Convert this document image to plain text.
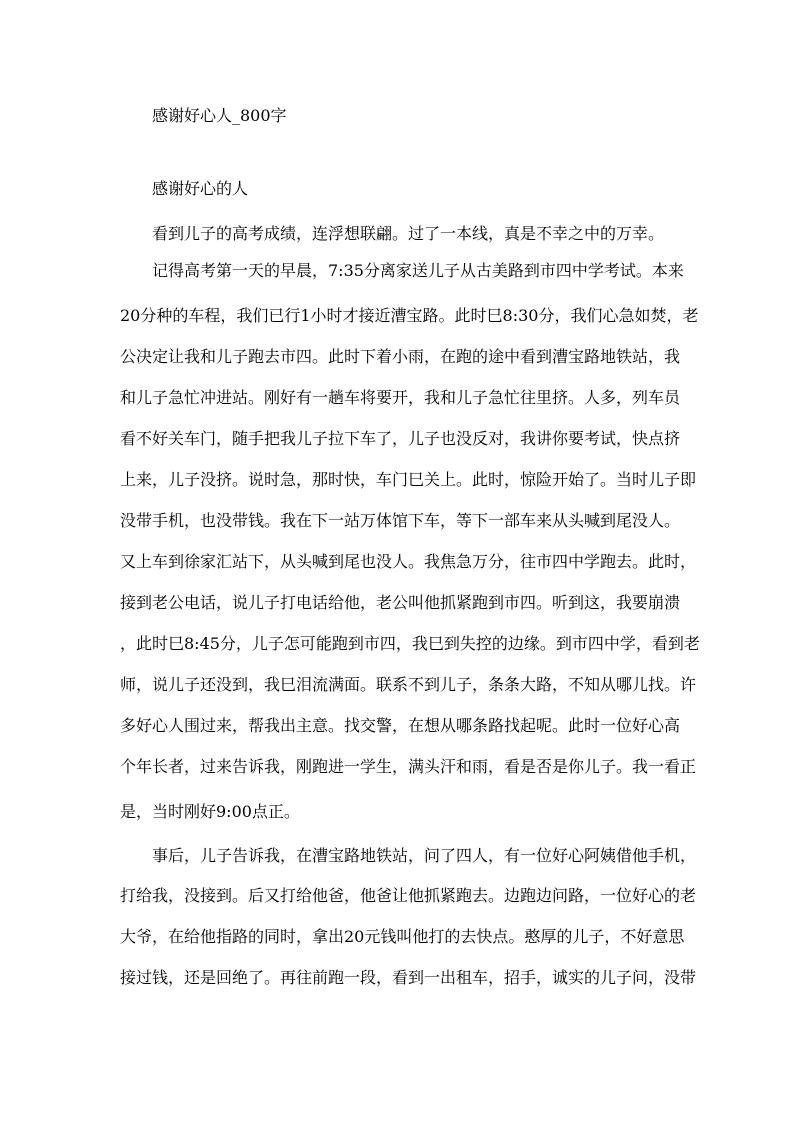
感谢好心人_800字
感谢好心的人
看到儿子的高考成绩，连浮想联翩。过了一本线，真是不幸之中的万幸。
记得高考第一天的早晨，7:35分离家送儿子从古美路到市四中学考试。本来
20分种的车程，我们已行1小时才接近漕宝路。此时巳8:30分，我们心急如焚，老
公决定让我和儿子跑去市四。此时下着小雨，在跑的途中看到漕宝路地铁站，我
和儿子急忙冲进站。刚好有一趟车将要开，我和儿子急忙往里挤。人多，列车员
看不好关车门，随手把我儿子拉下车了，儿子也没反对，我讲你要考试，快点挤
上来，儿子没挤。说时急，那时快，车门巳关上。此时，惊险开始了。当时儿子即
没带手机，也没带钱。我在下一站万体馆下车，等下一部车来从头喊到尾没人。
又上车到徐家汇站下，从头喊到尾也没人。我焦急万分，往市四中学跑去。此时，
接到老公电话，说儿子打电话给他，老公叫他抓紧跑到市四。听到这，我要崩溃
，此时巳8:45分，儿子怎可能跑到市四，我巳到失控的边缘。到市四中学，看到老
师，说儿子还没到，我巳泪流满面。联系不到儿子，条条大路，不知从哪儿找。许
多好心人围过来，帮我出主意。找交警，在想从哪条路找起呢。此时一位好心高
个年长者，过来告诉我，刚跑进一学生，满头汗和雨，看是否是你儿子。我一看正
是，当时刚好9:00点正。
事后，儿子告诉我，在漕宝路地铁站，问了四人，有一位好心阿姨借他手机，
打给我，没接到。后又打给他爸，他爸让他抓紧跑去。边跑边问路，一位好心的老
大爷，在给他指路的同时，拿出20元钱叫他打的去快点。憨厚的儿子，不好意思
接过钱，还是回绝了。再往前跑一段，看到一出租车，招手，诚实的儿子问，没带
